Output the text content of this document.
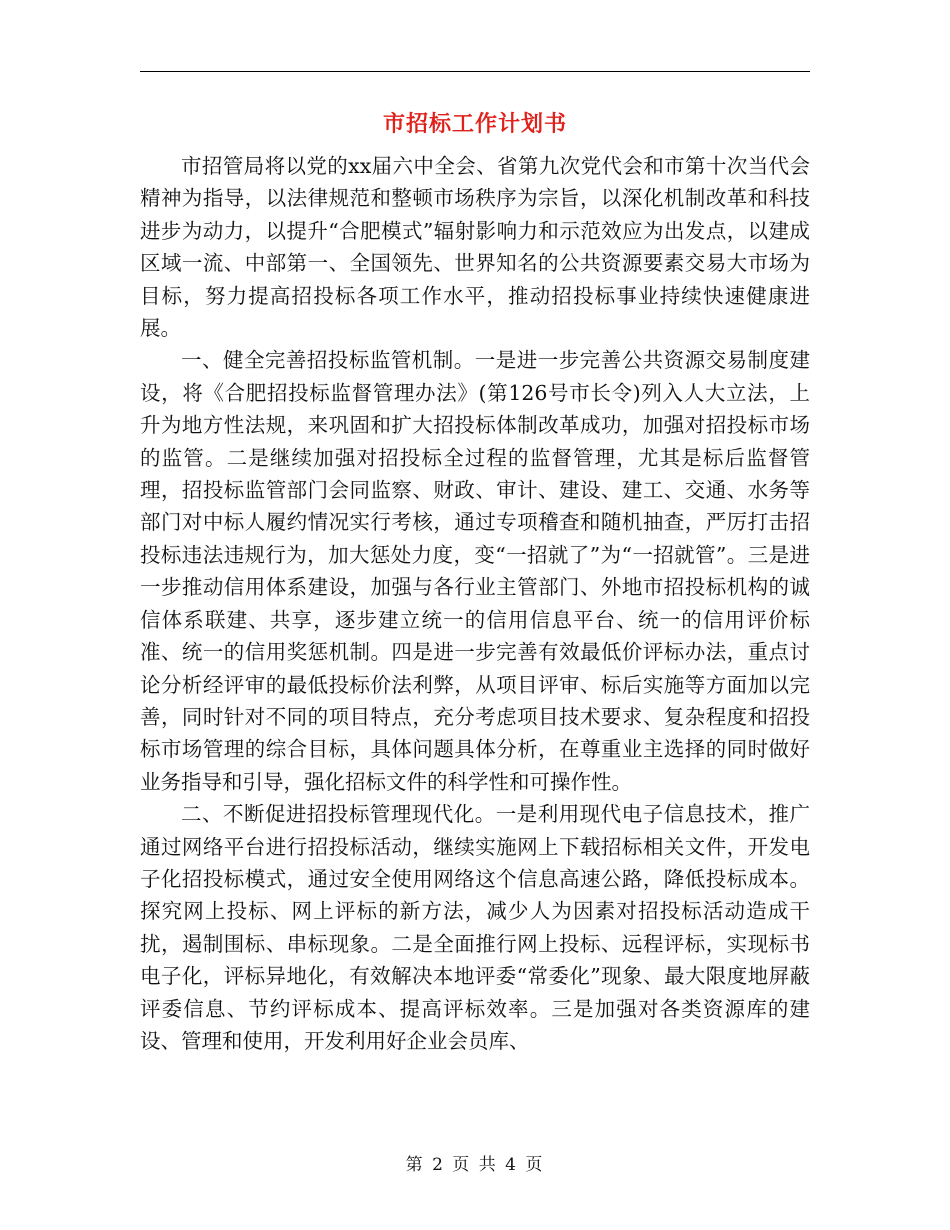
市招标工作计划书

市招管局将以党的xx届六中全会、省第九次党代会和市第十次当代会精神为指导，以法律规范和整顿市场秩序为宗旨，以深化机制改革和科技进步为动力，以提升“合肥模式”辐射影响力和示范效应为出发点，以建成区域一流、中部第一、全国领先、世界知名的公共资源要素交易大市场为目标，努力提高招投标各项工作水平，推动招投标事业持续快速健康进展。

一、健全完善招投标监管机制。一是进一步完善公共资源交易制度建设，将《合肥招投标监督管理办法》(第126号市长令)列入人大立法，上升为地方性法规，来巩固和扩大招投标体制改革成功，加强对招投标市场的监管。二是继续加强对招投标全过程的监督管理，尤其是标后监督管理，招投标监管部门会同监察、财政、审计、建设、建工、交通、水务等部门对中标人履约情况实行考核，通过专项稽查和随机抽查，严厉打击招投标违法违规行为，加大惩处力度，变“一招就了”为“一招就管”。三是进一步推动信用体系建设，加强与各行业主管部门、外地市招投标机构的诚信体系联建、共享，逐步建立统一的信用信息平台、统一的信用评价标准、统一的信用奖惩机制。四是进一步完善有效最低价评标办法，重点讨论分析经评审的最低投标价法利弊，从项目评审、标后实施等方面加以完善，同时针对不同的项目特点，充分考虑项目技术要求、复杂程度和招投标市场管理的综合目标，具体问题具体分析，在尊重业主选择的同时做好业务指导和引导，强化招标文件的科学性和可操作性。

二、不断促进招投标管理现代化。一是利用现代电子信息技术，推广通过网络平台进行招投标活动，继续实施网上下载招标相关文件，开发电子化招投标模式，通过安全使用网络这个信息高速公路，降低投标成本。探究网上投标、网上评标的新方法，减少人为因素对招投标活动造成干扰，遏制围标、串标现象。二是全面推行网上投标、远程评标，实现标书电子化，评标异地化，有效解决本地评委“常委化”现象、最大限度地屏蔽评委信息、节约评标成本、提高评标效率。三是加强对各类资源库的建设、管理和使用，开发利用好企业会员库、

第 2 页 共 4 页
